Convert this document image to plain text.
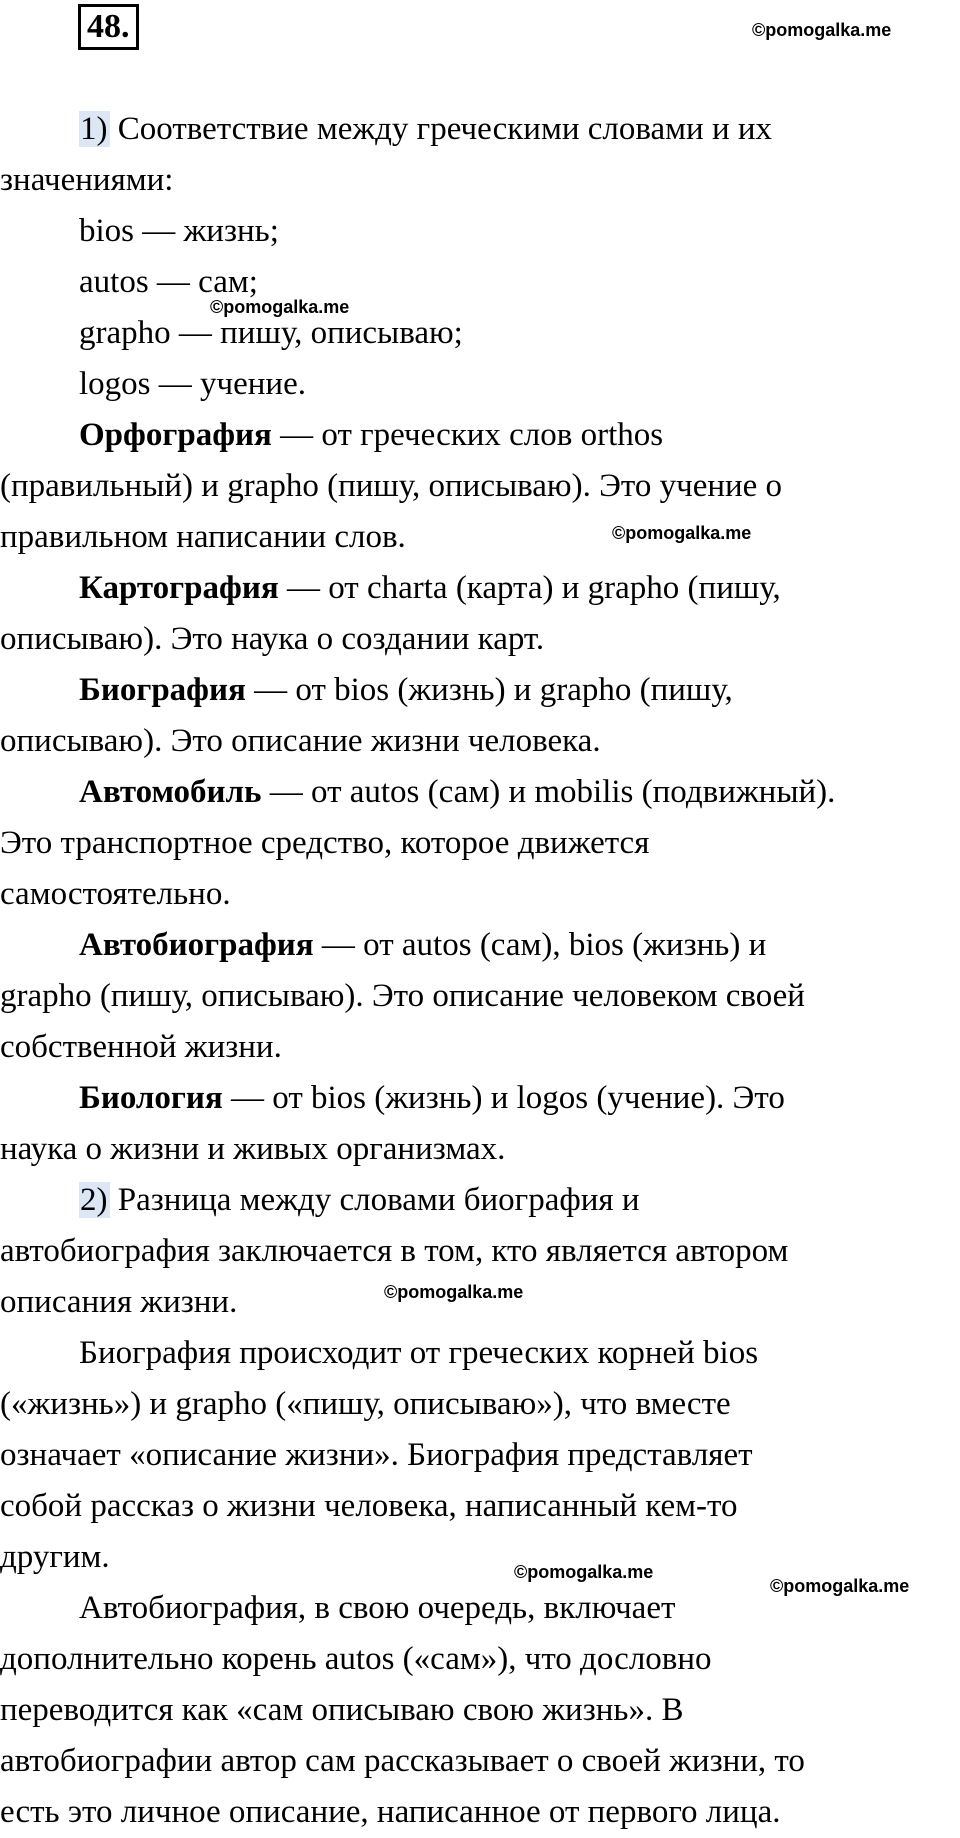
48.	©pomogalka.me
©pomogalka.me
©pomogalka.me
©pomogalka.me
©pomogalka.me
©pomogalka.me

1) Соответствие между греческими словами и их
значениями:

bios — жизнь;

autos — сам;

grapho — пишу, описываю;

logos — учение.

Орфография — от греческих слов orthos
(правильный) и grapho (пишу, описываю). Это учение о
правильном написании слов.

Картография — от charta (карта) и grapho (пишу,
описываю). Это наука о создании карт.

Биография — от bios (жизнь) и grapho (пишу,
описываю). Это описание жизни человека.

Автомобиль — от autos (сам) и mobilis (подвижный).
Это транспортное средство, которое движется
самостоятельно.

Автобиография — от autos (сам), bios (жизнь) и
grapho (пишу, описываю). Это описание человеком своей
собственной жизни.

Биология — от bios (жизнь) и logos (учение). Это
наука о жизни и живых организмах.

2) Разница между словами биография и
автобиография заключается в том, кто является автором
описания жизни.

Биография происходит от греческих корней bios
(«жизнь») и grapho («пишу, описываю»), что вместе
означает «описание жизни». Биография представляет
собой рассказ о жизни человека, написанный кем-то
другим.

Автобиография, в свою очередь, включает
дополнительно корень autos («сам»), что дословно
переводится как «сам описываю свою жизнь». В
автобиографии автор сам рассказывает о своей жизни, то
есть это личное описание, написанное от первого лица.
